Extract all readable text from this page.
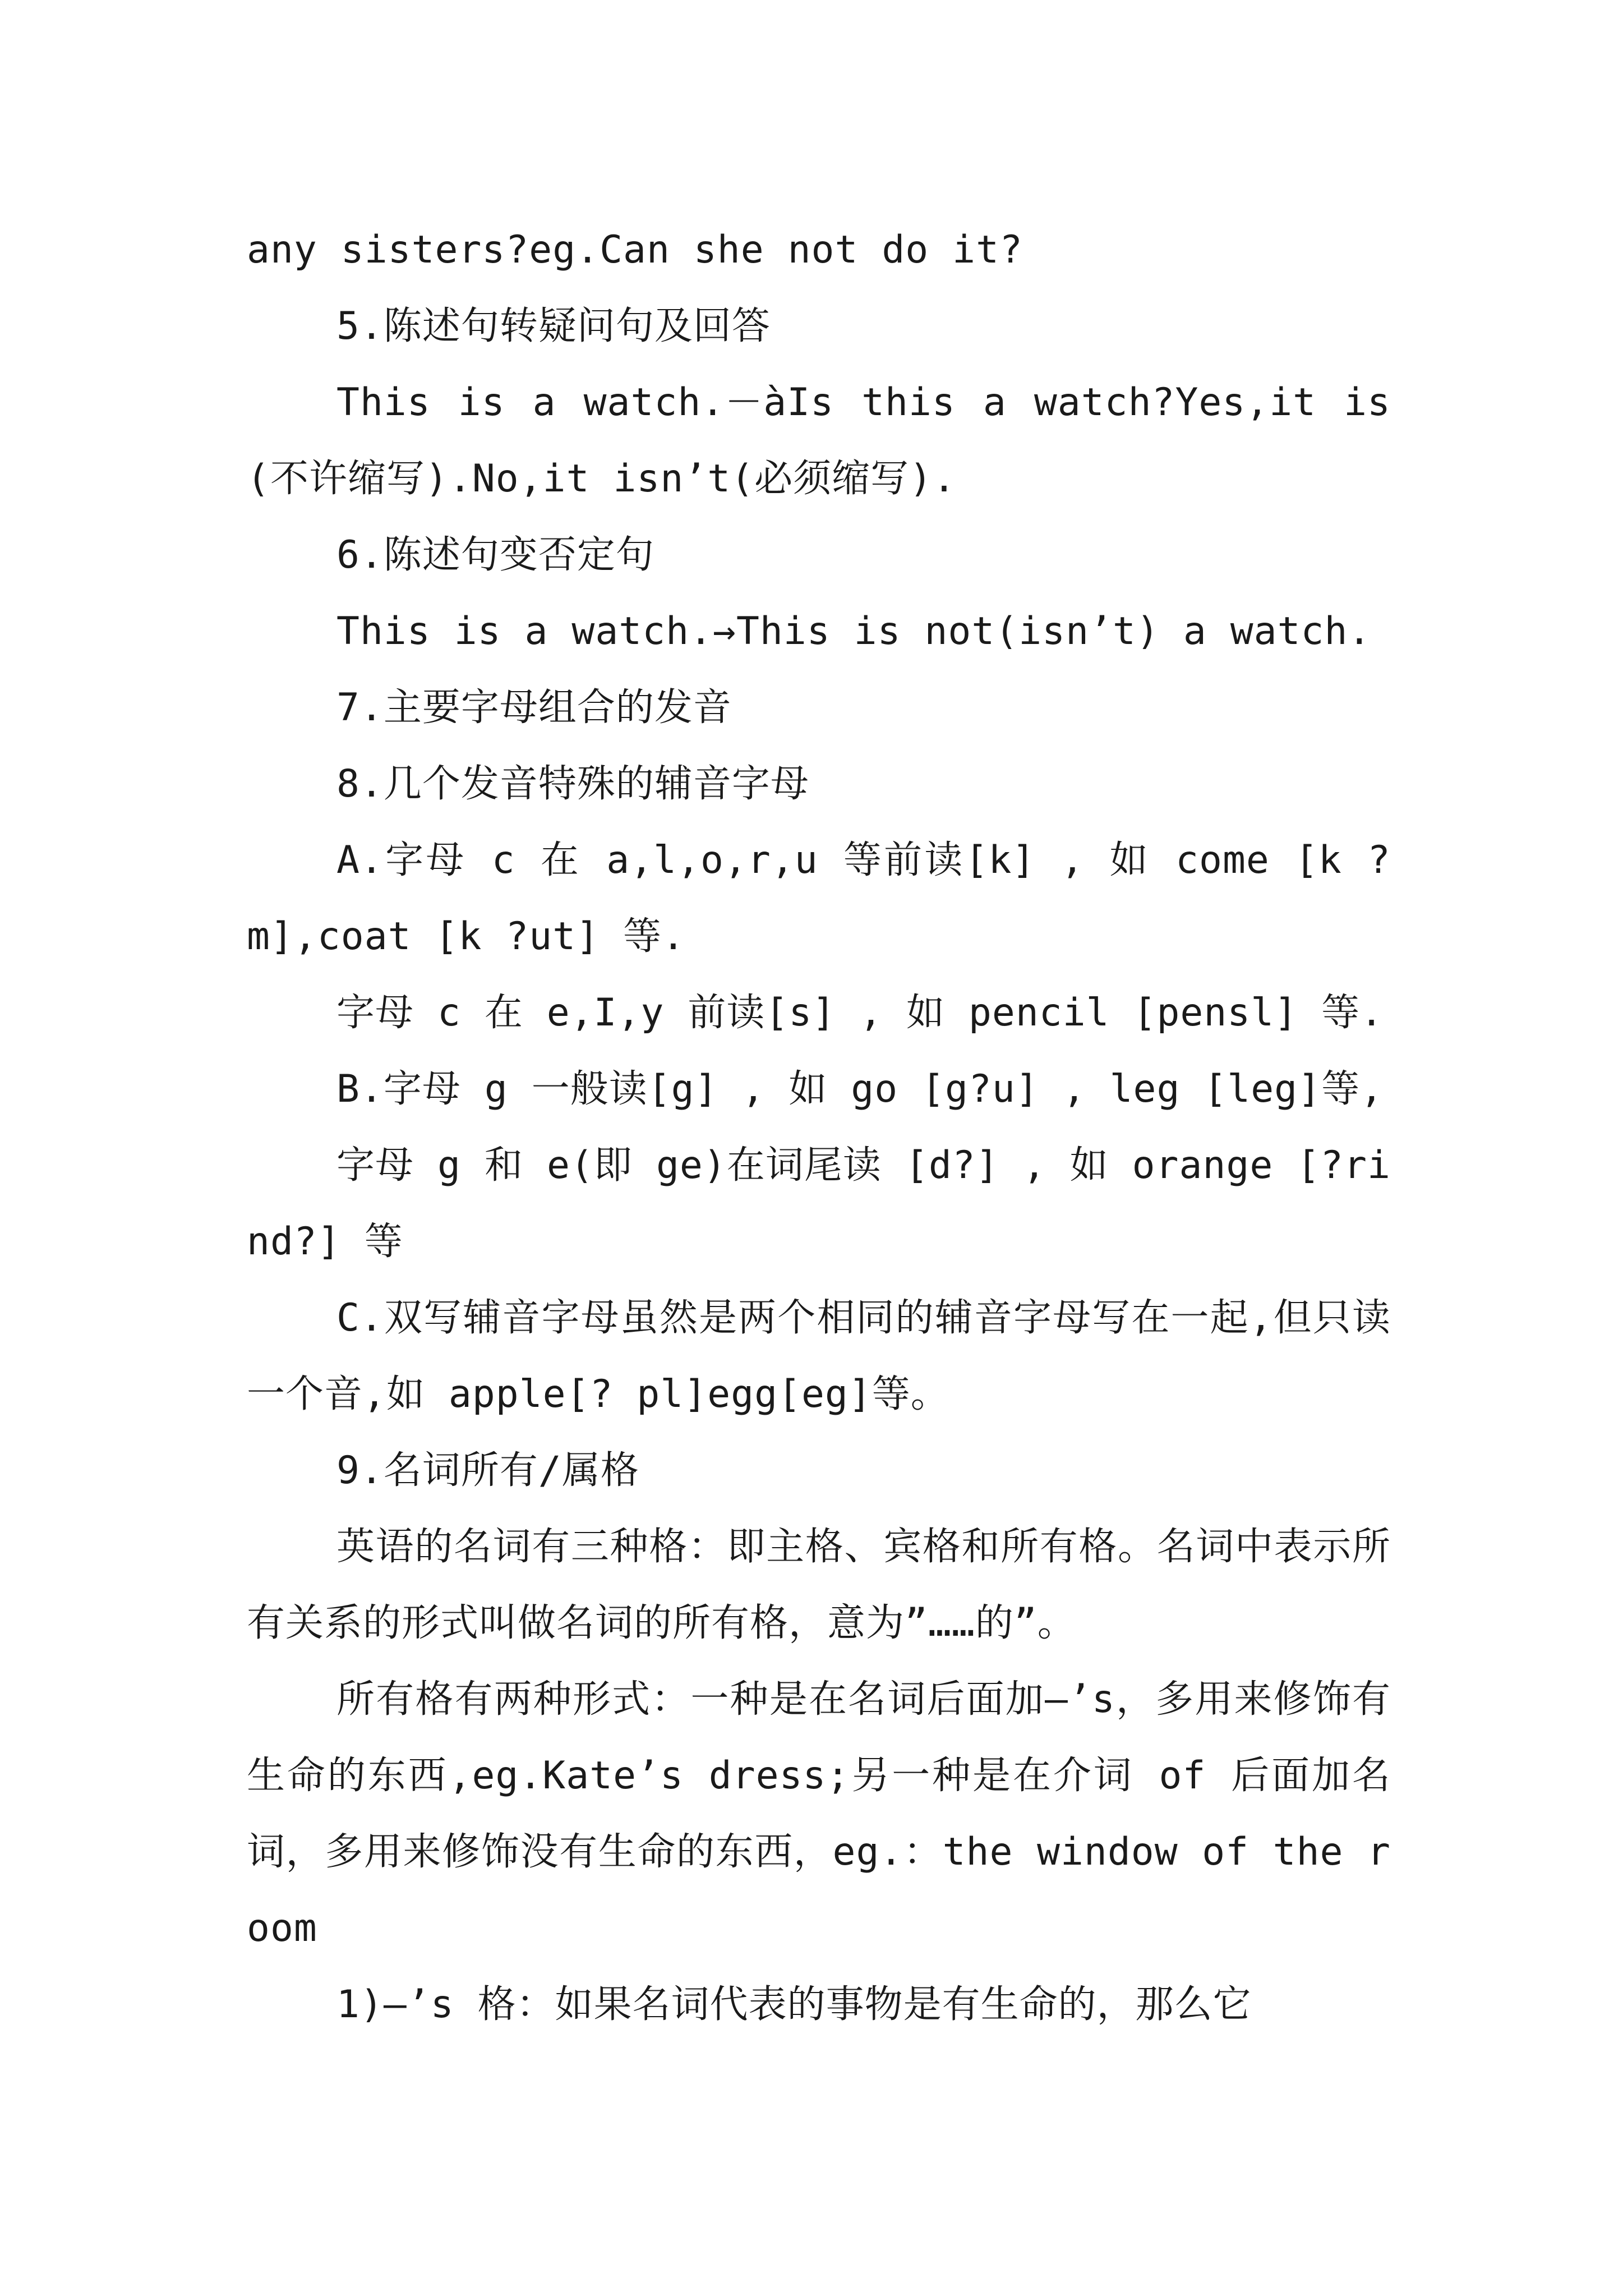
any sisters?eg.Can she not do it?

5.陈述句转疑问句及回答

This is a watch.－àIs this a watch?Yes,it is(不许缩写).No,it isn’t(必须缩写).

6.陈述句变否定句

This is a watch.→This is not(isn’t) a watch.

7.主要字母组合的发音

8.几个发音特殊的辅音字母

A.字母 c 在 a,l,o,r,u 等前读[k] , 如 come [k ?m],coat [k ?ut] 等.

字母 c 在 e,I,y 前读[s] , 如 pencil [pensl] 等.

B.字母 g 一般读[g] , 如 go [g?u] , leg [leg]等,

字母 g 和 e(即 ge)在词尾读 [d?] , 如 orange [?rind?] 等

C.双写辅音字母虽然是两个相同的辅音字母写在一起,但只读一个音,如 apple[? pl]egg[eg]等。

9.名词所有/属格

英语的名词有三种格：即主格、宾格和所有格。名词中表示所有关系的形式叫做名词的所有格，意为”……的”。

所有格有两种形式：一种是在名词后面加—’s，多用来修饰有生命的东西,eg.Kate’s dress;另一种是在介词 of 后面加名词，多用来修饰没有生命的东西，eg.：the window of the room

1)—’s 格：如果名词代表的事物是有生命的，那么它
